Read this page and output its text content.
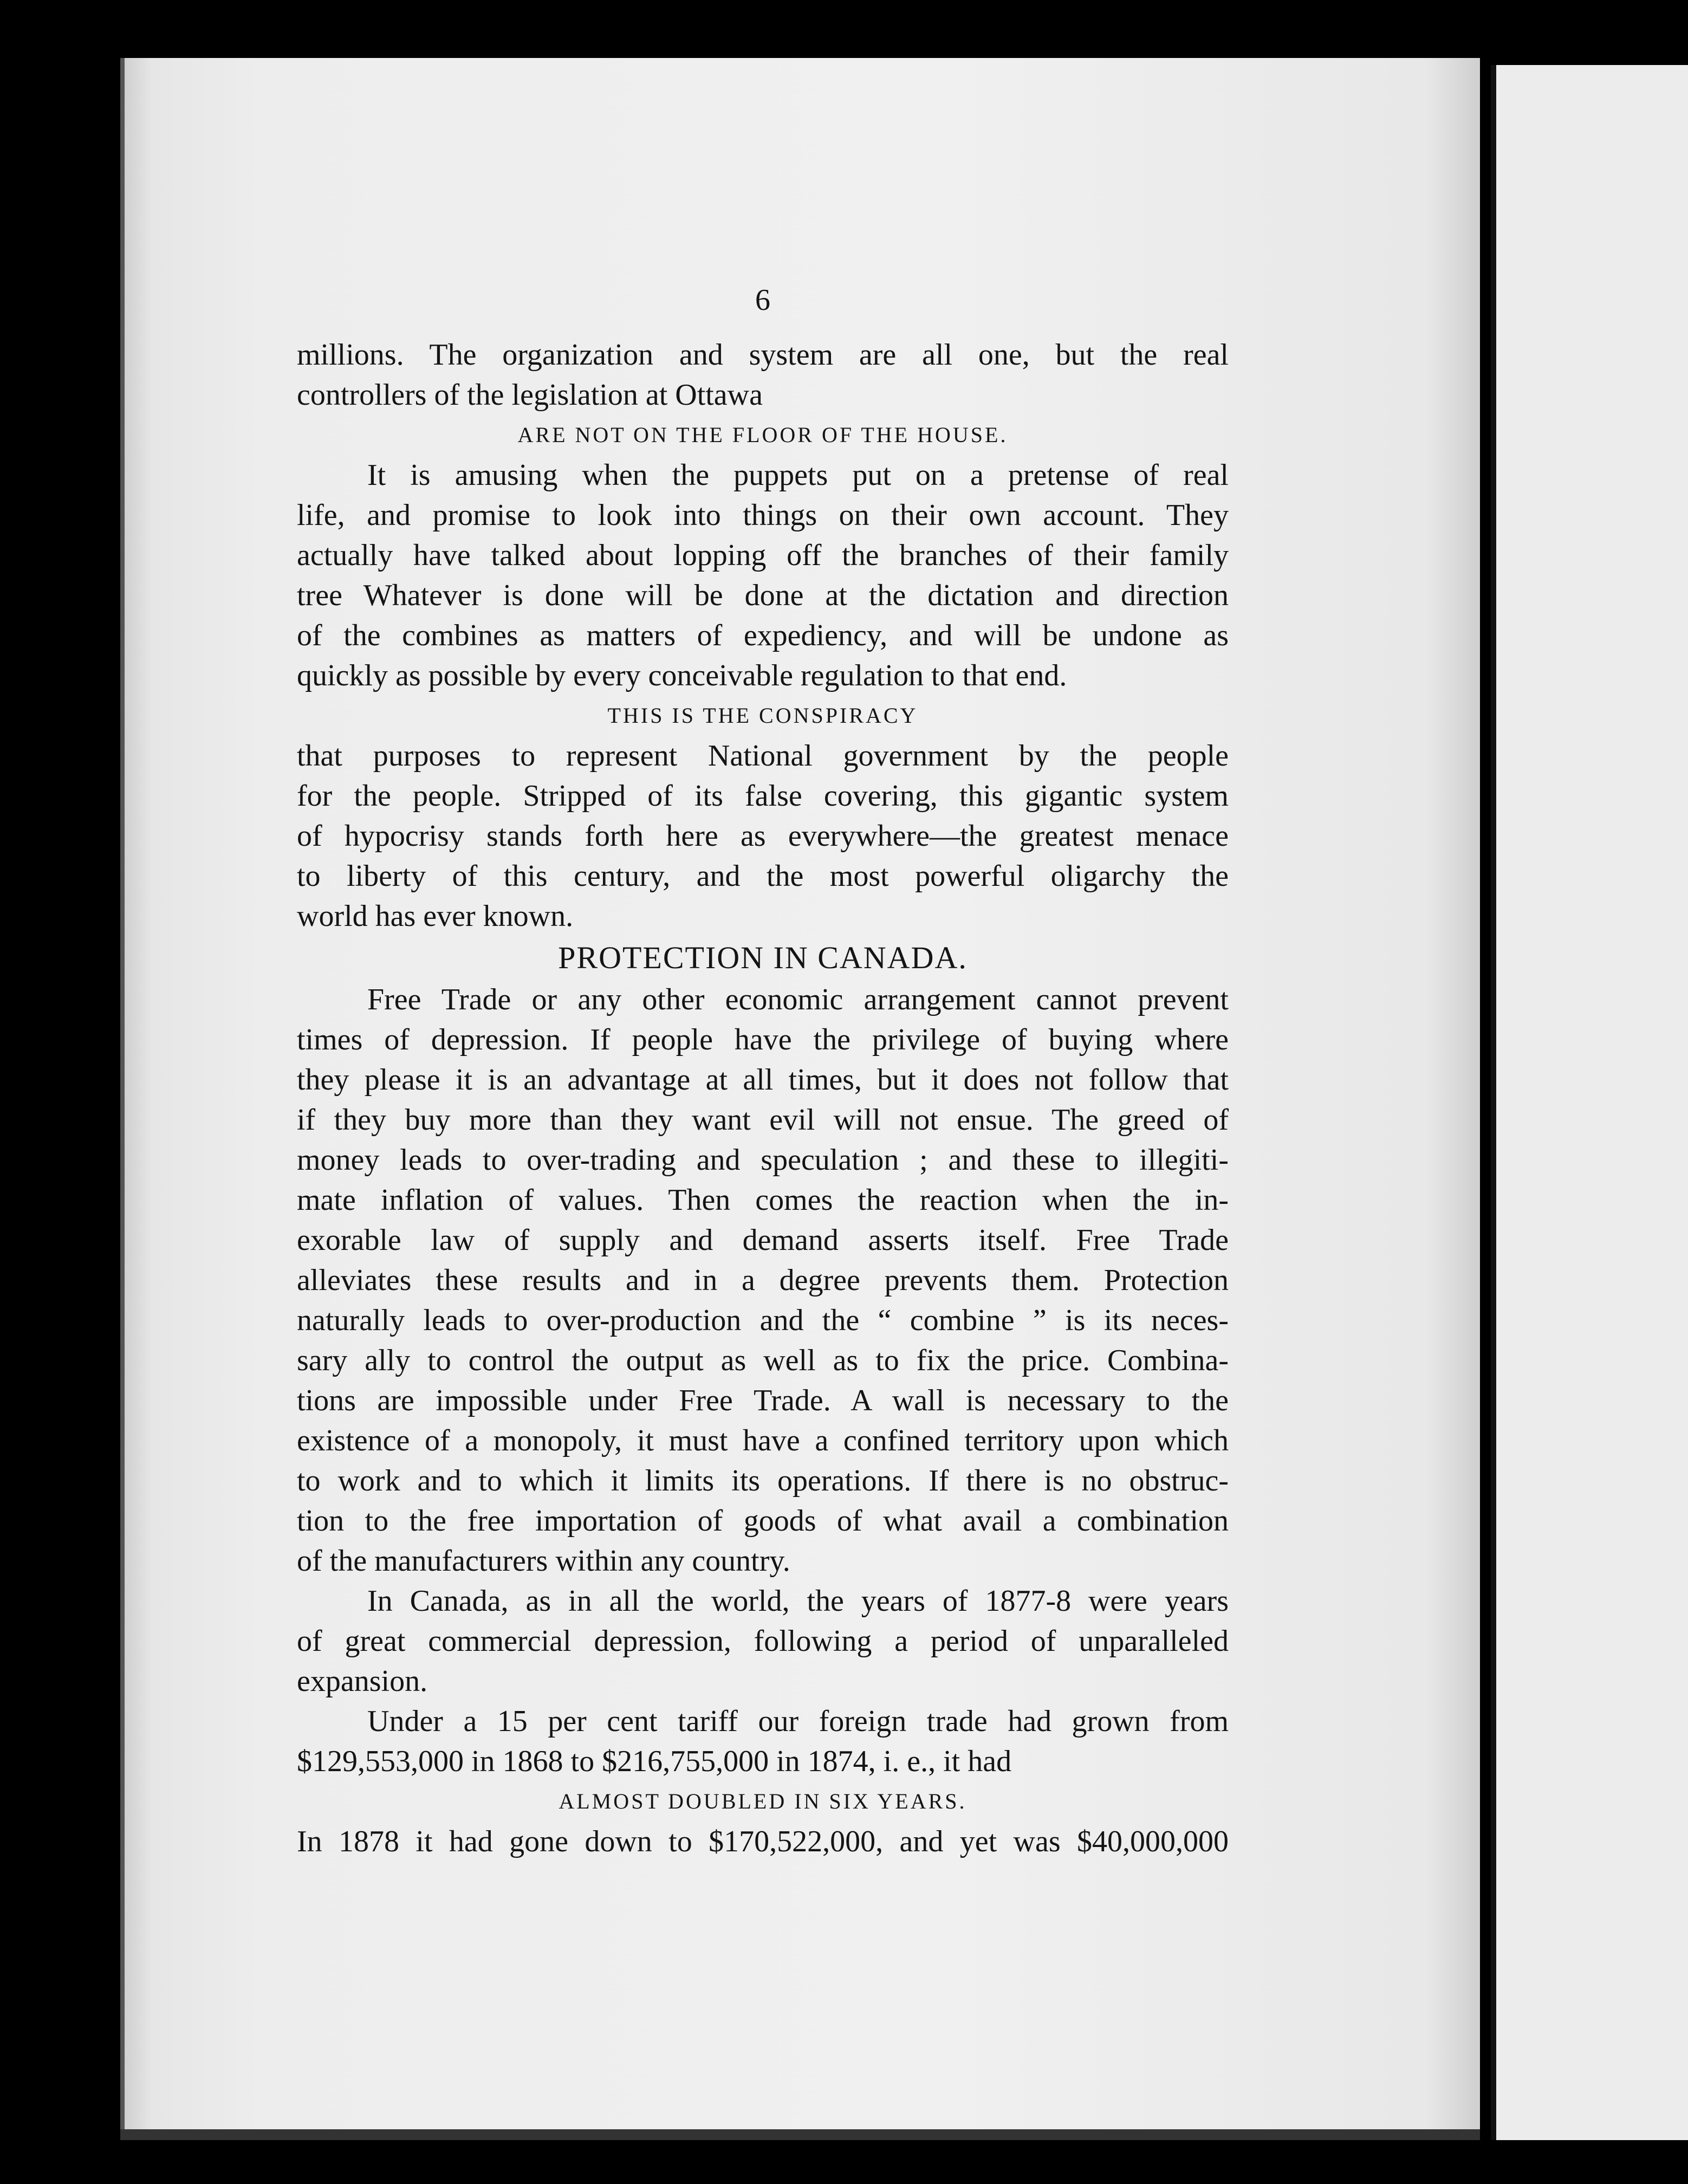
6
millions. The organization and system are all one, but the real
controllers of the legislation at Ottawa
ARE NOT ON THE FLOOR OF THE HOUSE.
It is amusing when the puppets put on a pretense of real
life, and promise to look into things on their own account. They
actually have talked about lopping off the branches of their family
tree Whatever is done will be done at the dictation and direction
of the combines as matters of expediency, and will be undone as
quickly as possible by every conceivable regulation to that end.
THIS IS THE CONSPIRACY
that purposes to represent National government by the people
for the people. Stripped of its false covering, this gigantic system
of hypocrisy stands forth here as everywhere—the greatest menace
to liberty of this century, and the most powerful oligarchy the
world has ever known.
PROTECTION IN CANADA.
Free Trade or any other economic arrangement cannot prevent
times of depression. If people have the privilege of buying where
they please it is an advantage at all times, but it does not follow that
if they buy more than they want evil will not ensue. The greed of
money leads to over-trading and speculation ; and these to illegiti-
mate inflation of values. Then comes the reaction when the in-
exorable law of supply and demand asserts itself. Free Trade
alleviates these results and in a degree prevents them. Protection
naturally leads to over-production and the “ combine ” is its neces-
sary ally to control the output as well as to fix the price. Combina-
tions are impossible under Free Trade. A wall is necessary to the
existence of a monopoly, it must have a confined territory upon which
to work and to which it limits its operations. If there is no obstruc-
tion to the free importation of goods of what avail a combination
of the manufacturers within any country.
In Canada, as in all the world, the years of 1877-8 were years
of great commercial depression, following a period of unparalleled
expansion.
Under a 15 per cent tariff our foreign trade had grown from
$129,553,000 in 1868 to $216,755,000 in 1874, i. e., it had
ALMOST DOUBLED IN SIX YEARS.
In 1878 it had gone down to $170,522,000, and yet was $40,000,000
